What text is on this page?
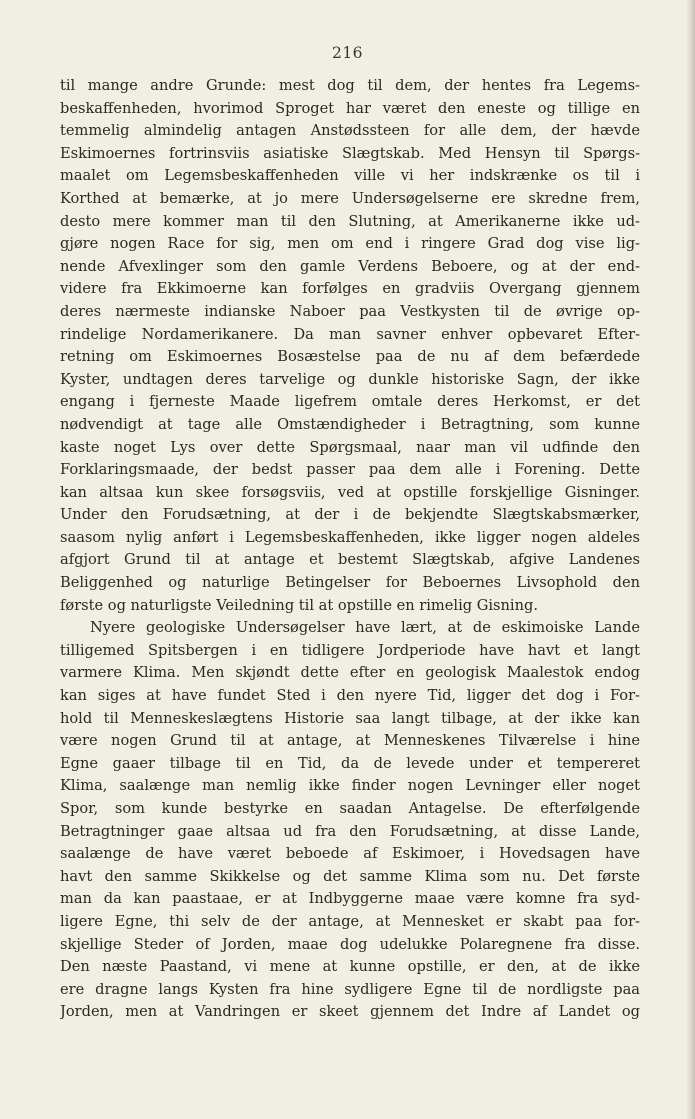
216
til mange andre Grunde: mest dog til dem, der hentes fra Legems-
beskaffenheden, hvorimod Sproget har været den eneste og tillige en
temmelig almindelig antagen Anstødssteen for alle dem, der hævde
Eskimoernes fortrinsviis asiatiske Slægtskab. Med Hensyn til Spørgs-
maalet om Legemsbeskaffenheden ville vi her indskrænke os til i
Korthed at bemærke, at jo mere Undersøgelserne ere skredne frem,
desto mere kommer man til den Slutning, at Amerikanerne ikke ud-
gjøre nogen Race for sig, men om end i ringere Grad dog vise lig-
nende Afvexlinger som den gamle Verdens Beboere, og at der end-
videre fra Ekkimoerne kan forfølges en gradviis Overgang gjennem
deres nærmeste indianske Naboer paa Vestkysten til de øvrige op-
rindelige Nordamerikanere. Da man savner enhver opbevaret Efter-
retning om Eskimoernes Bosæstelse paa de nu af dem befærdede
Kyster, undtagen deres tarvelige og dunkle historiske Sagn, der ikke
engang i fjerneste Maade ligefrem omtale deres Herkomst, er det
nødvendigt at tage alle Omstændigheder i Betragtning, som kunne
kaste noget Lys over dette Spørgsmaal, naar man vil udfinde den
Forklaringsmaade, der bedst passer paa dem alle i Forening. Dette
kan altsaa kun skee forsøgsviis, ved at opstille forskjellige Gisninger.
Under den Forudsætning, at der i de bekjendte Slægtskabsmærker,
saasom nylig anført i Legemsbeskaffenheden, ikke ligger nogen aldeles
afgjort Grund til at antage et bestemt Slægtskab, afgive Landenes
Beliggenhed og naturlige Betingelser for Beboernes Livsophold den
første og naturligste Veiledning til at opstille en rimelig Gisning.
Nyere geologiske Undersøgelser have lært, at de eskimoiske Lande
tilligemed Spitsbergen i en tidligere Jordperiode have havt et langt
varmere Klima. Men skjøndt dette efter en geologisk Maalestok endog
kan siges at have fundet Sted i den nyere Tid, ligger det dog i For-
hold til Menneskeslægtens Historie saa langt tilbage, at der ikke kan
være nogen Grund til at antage, at Menneskenes Tilværelse i hine
Egne gaaer tilbage til en Tid, da de levede under et tempereret
Klima, saalænge man nemlig ikke finder nogen Levninger eller noget
Spor, som kunde bestyrke en saadan Antagelse. De efterfølgende
Betragtninger gaae altsaa ud fra den Forudsætning, at disse Lande,
saalænge de have været beboede af Eskimoer, i Hovedsagen have
havt den samme Skikkelse og det samme Klima som nu. Det første
man da kan paastaae, er at Indbyggerne maae være komne fra syd-
ligere Egne, thi selv de der antage, at Mennesket er skabt paa for-
skjellige Steder of Jorden, maae dog udelukke Polaregnene fra disse.
Den næste Paastand, vi mene at kunne opstille, er den, at de ikke
ere dragne langs Kysten fra hine sydligere Egne til de nordligste paa
Jorden, men at Vandringen er skeet gjennem det Indre af Landet og
